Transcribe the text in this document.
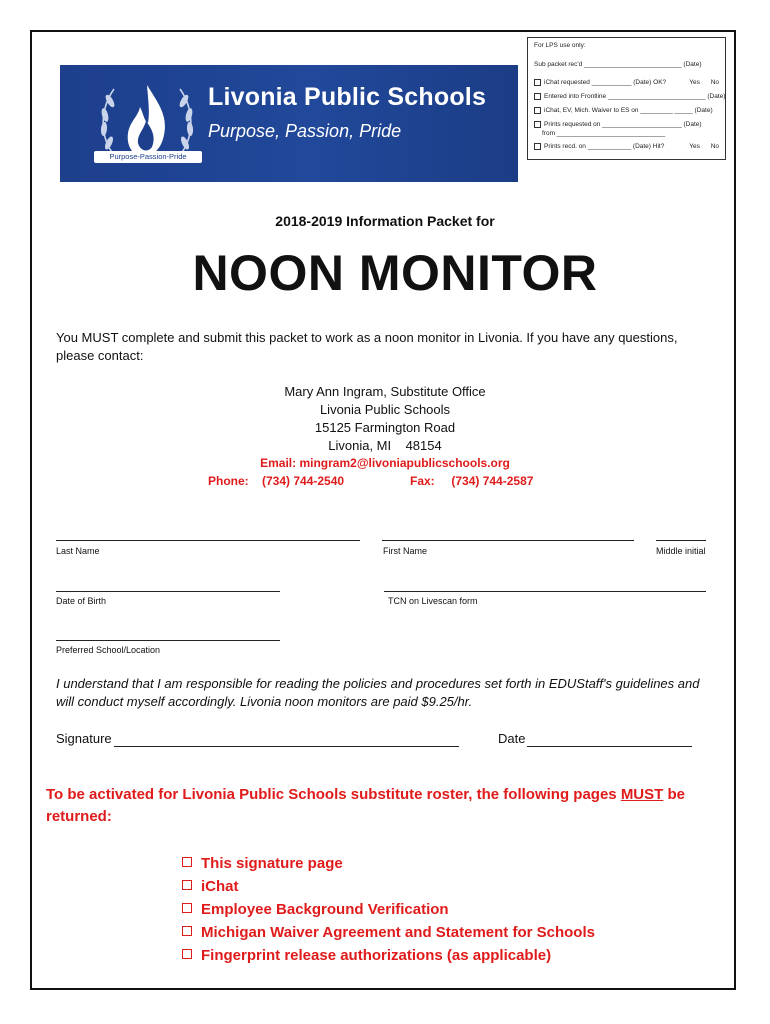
Purpose-Passion-Pride
Livonia Public Schools
Purpose, Passion, Pride
For LPS use only:
Sub packet rec'd ___________________________ (Date)
iChat requested ___________ (Date) OK?	Yes No
Entered into Frontline ___________________________ (Date)
iChat, EV, Mich. Waiver to ES on _________ _____ (Date)
Prints requested on ______________________ (Date)
from ______________________________
Prints recd. on ____________ (Date) Hit?	Yes No
2018-2019 Information Packet for
NOON MONITOR
You MUST complete and submit this packet to work as a noon monitor in Livonia. If you have any questions, please contact:
Mary Ann Ingram, Substitute Office
Livonia Public Schools
15125 Farmington Road
Livonia, MI    48154
Email: mingram2@livoniapublicschools.org
Phone: (734) 744-2540	Fax: (734) 744-2587
Last Name	First Name	Middle initial
Date of Birth	TCN on Livescan form
Preferred School/Location
I understand that I am responsible for reading the policies and procedures set forth in EDUStaff's guidelines and will conduct myself accordingly. Livonia noon monitors are paid $9.25/hr.
Signature	Date
To be activated for Livonia Public Schools substitute roster, the following pages MUST be returned:
This signature page
iChat
Employee Background Verification
Michigan Waiver Agreement and Statement for Schools
Fingerprint release authorizations (as applicable)
